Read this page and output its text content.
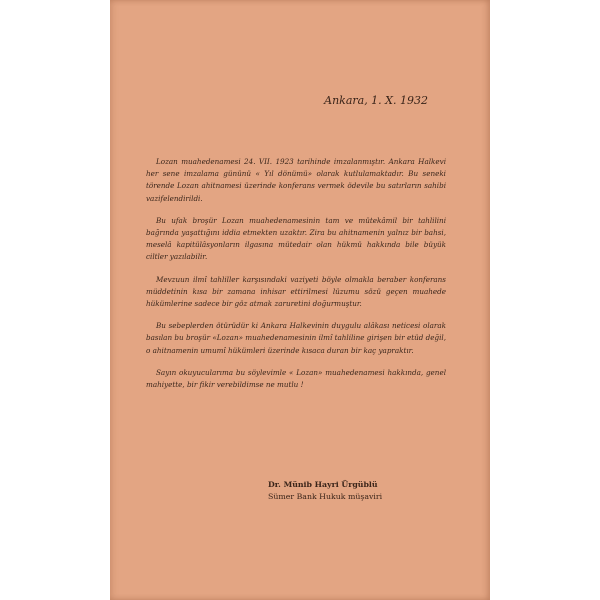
Ankara, 1. X. 1932

Lozan muahedenamesi 24. VII. 1923 tarihinde imzalanmıştır. Ankara Halkevi her sene imzalama gününü « Yıl dönümü» olarak kutlulamaktadır. Bu seneki törende Lozan ahitnamesi üzerinde konferans vermek ödevile bu satırların sahibi vazifelendirildi.

Bu ufak broşür Lozan muahedenamesinin tam ve mütekâmil bir tahlilini bağrında yaşattığını iddia etmekten uzaktır. Zira bu ahitnamenin yalnız bir bahsi, meselâ kapitülâsyonların ilgasına mütedair olan hükmü hakkında bile büyük ciltler yazılabilir.

Mevzuun ilmî tahliller karşısındaki vaziyeti böyle olmakla beraber konferans müddetinin kısa bir zamana inhisar ettirilmesi lüzumu sözü geçen muahede hükümlerine sadece bir göz atmak zaruretini doğurmuştur.

Bu sebeplerden ötürüdür ki Ankara Halkevinin duygulu alâkası neticesi olarak basılan bu broşür «Lozan» muahedenamesinin ilmî tahliline girişen bir etüd değil, o ahitnamenin umumî hükümleri üzerinde kısaca duran bir kaç yapraktır.

Sayın okuyucularıma bu söylevimle « Lozan» muahedenamesi hakkında, genel mahiyette, bir fikir verebildimse ne mutlu !

Dr. Münib Hayri Ürgüblü

Sümer Bank Hukuk müşaviri
